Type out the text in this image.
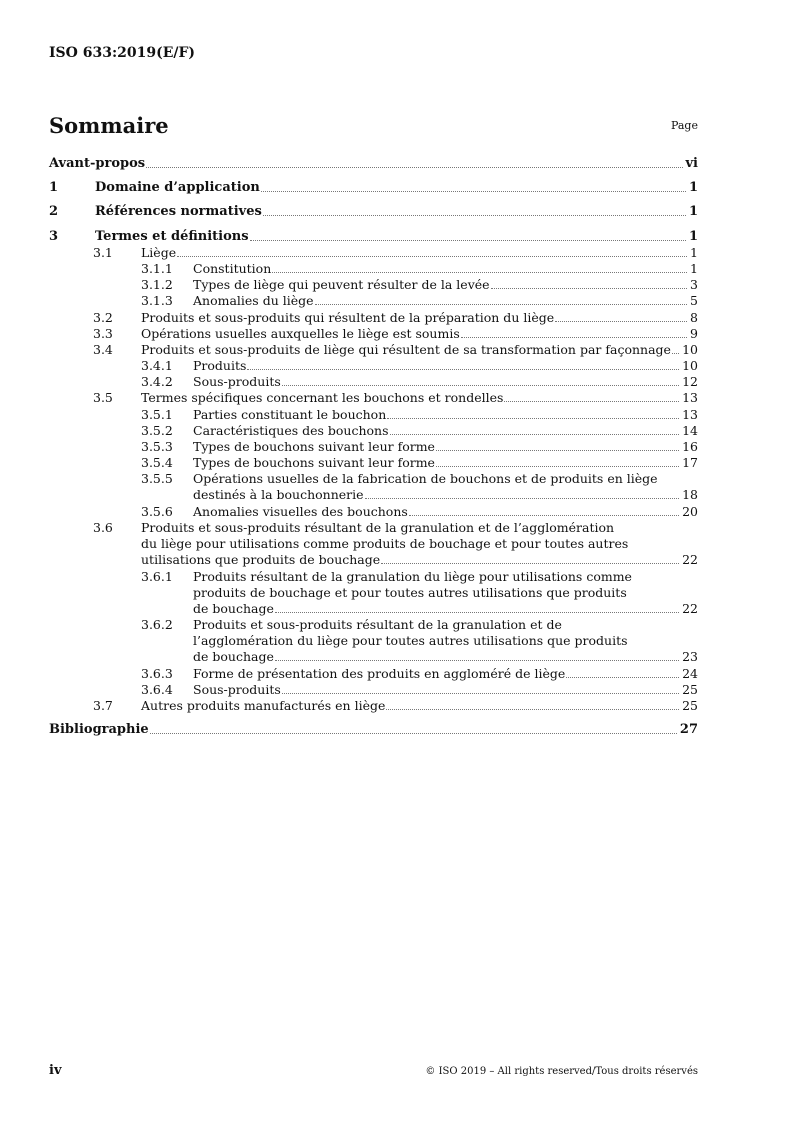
ISO 633:2019(E/F)
Sommaire	Page
Avant-propos	vi
1	Domaine d’application	1
2	Références normatives	1
3	Termes et définitions	1
3.1 Liège	1
3.1.1 Constitution	1
3.1.2 Types de liège qui peuvent résulter de la levée	3
3.1.3 Anomalies du liège	5
3.2 Produits et sous-produits qui résultent de la préparation du liège	8
3.3 Opérations usuelles auxquelles le liège est soumis	9
3.4 Produits et sous-produits de liège qui résultent de sa transformation par façonnage 10
3.4.1 Produits	10
3.4.2 Sous-produits	12
3.5 Termes spécifiques concernant les bouchons et rondelles	13
3.5.1 Parties constituant le bouchon	13
3.5.2 Caractéristiques des bouchons	14
3.5.3 Types de bouchons suivant leur forme	16
3.5.4 Types de bouchons suivant leur forme	17
3.5.5 Opérations usuelles de la fabrication de bouchons et de produits en liège
destinés à la bouchonnerie	18
3.5.6 Anomalies visuelles des bouchons	20
3.6 Produits et sous-produits résultant de la granulation et de l’agglomération
du liège pour utilisations comme produits de bouchage et pour toutes autres
utilisations que produits de bouchage	22
3.6.1 Produits résultant de la granulation du liège pour utilisations comme
produits de bouchage et pour toutes autres utilisations que produits
de bouchage	22
3.6.2 Produits et sous-produits résultant de la granulation et de
l’agglomération du liège pour toutes autres utilisations que produits
de bouchage	23
3.6.3 Forme de présentation des produits en aggloméré de liège	24
3.6.4 Sous-produits	25
3.7 Autres produits manufacturés en liège	25
Bibliographie	27
iv	© ISO 2019 – All rights reserved/Tous droits réservés
